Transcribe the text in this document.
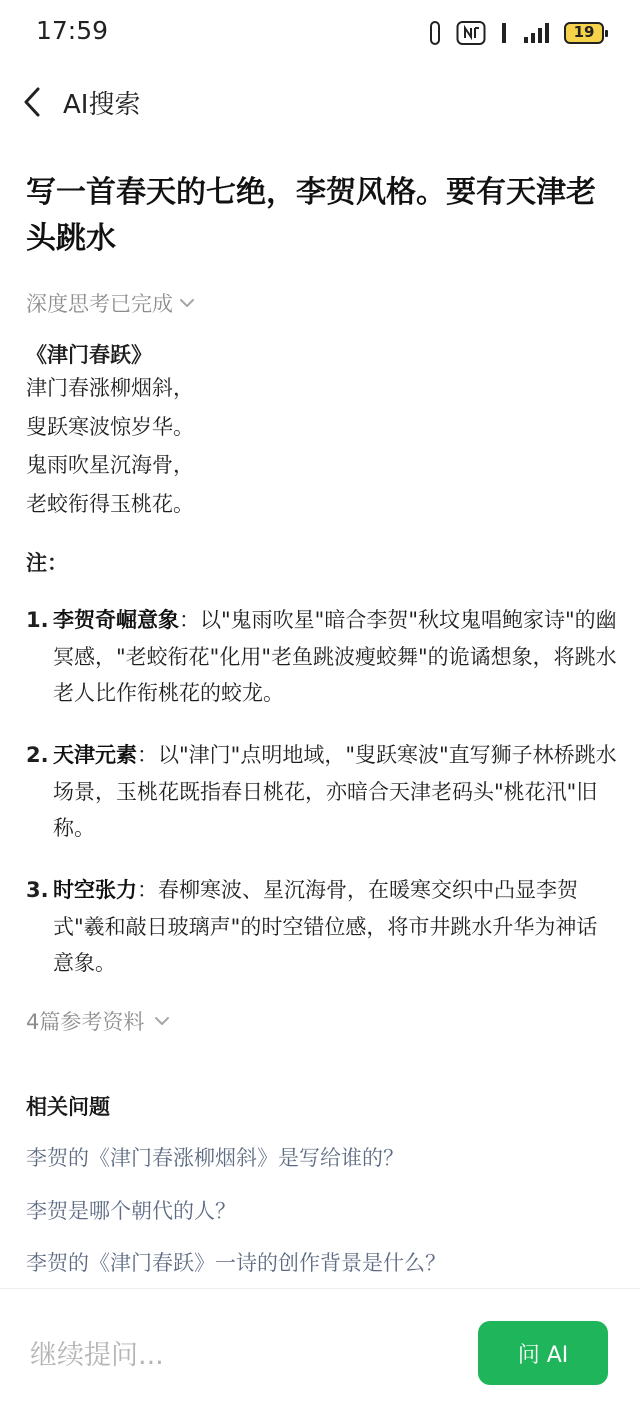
17:59	19
AI搜索
写一首春天的七绝，李贺风格。要有天津老头跳水
深度思考已完成
《津门春跃》
津门春涨柳烟斜，
叟跃寒波惊岁华。
鬼雨吹星沉海骨，
老蛟衔得玉桃花。
注：
1. 李贺奇崛意象：以"鬼雨吹星"暗合李贺"秋坟鬼唱鲍家诗"的幽冥感，"老蛟衔花"化用"老鱼跳波瘦蛟舞"的诡谲想象，将跳水老人比作衔桃花的蛟龙。
2. 天津元素：以"津门"点明地域，"叟跃寒波"直写狮子林桥跳水场景，玉桃花既指春日桃花，亦暗合天津老码头"桃花汛"旧称。
3. 时空张力：春柳寒波、星沉海骨，在暖寒交织中凸显李贺式"羲和敲日玻璃声"的时空错位感，将市井跳水升华为神话意象。
4篇参考资料
相关问题
李贺的《津门春涨柳烟斜》是写给谁的？
李贺是哪个朝代的人？
李贺的《津门春跃》一诗的创作背景是什么？
继续提问...	问 AI
